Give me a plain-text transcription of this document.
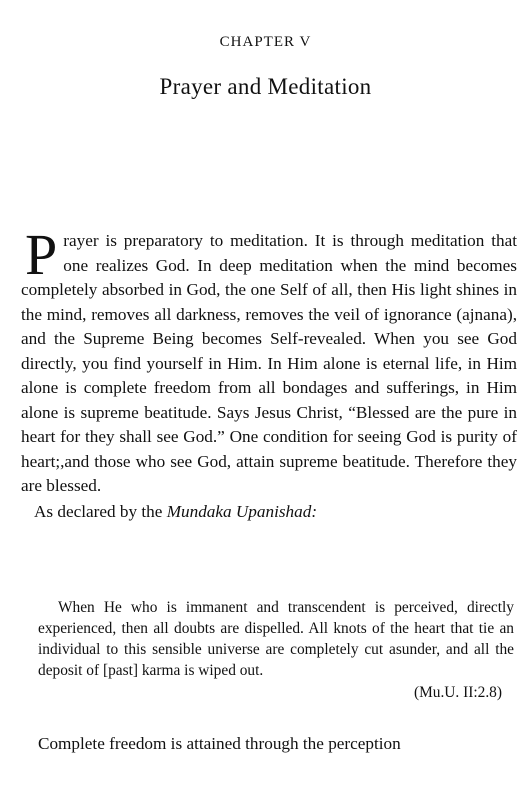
CHAPTER V
Prayer and Meditation

Prayer is preparatory to meditation. It is through meditation that one realizes God. In deep meditation when the mind becomes completely absorbed in God, the one Self of all, then His light shines in the mind, removes all darkness, removes the veil of ignorance (ajnana), and the Supreme Being becomes Self-revealed. When you see God directly, you find yourself in Him. In Him alone is eternal life, in Him alone is complete freedom from all bondages and sufferings, in Him alone is supreme beatitude. Says Jesus Christ, “Blessed are the pure in heart for they shall see God.” One condition for seeing God is purity of heart;,and those who see God, attain supreme beatitude. Therefore they are blessed.

As declared by the Mundaka Upanishad:

When He who is immanent and transcendent is perceived, directly experienced, then all doubts are dispelled. All knots of the heart that tie an individual to this sensible universe are completely cut asunder, and all the deposit of [past] karma is wiped out.

(Mu.U. II:2.8)

Complete freedom is attained through the perception
